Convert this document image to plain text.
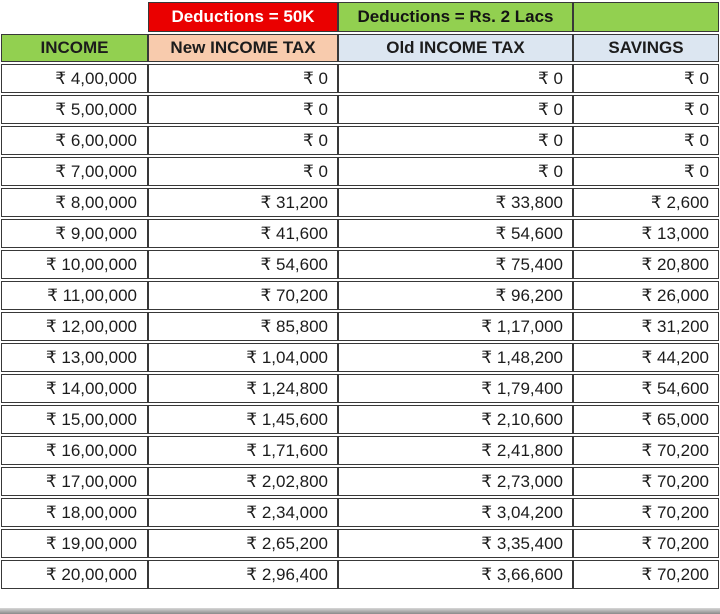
	Deductions = 50K	Deductions = Rs. 2 Lacs	
INCOME	New INCOME TAX	Old INCOME TAX	SAVINGS
₹ 4,00,000	₹ 0	₹ 0	₹ 0
₹ 5,00,000	₹ 0	₹ 0	₹ 0
₹ 6,00,000	₹ 0	₹ 0	₹ 0
₹ 7,00,000	₹ 0	₹ 0	₹ 0
₹ 8,00,000	₹ 31,200	₹ 33,800	₹ 2,600
₹ 9,00,000	₹ 41,600	₹ 54,600	₹ 13,000
₹ 10,00,000	₹ 54,600	₹ 75,400	₹ 20,800
₹ 11,00,000	₹ 70,200	₹ 96,200	₹ 26,000
₹ 12,00,000	₹ 85,800	₹ 1,17,000	₹ 31,200
₹ 13,00,000	₹ 1,04,000	₹ 1,48,200	₹ 44,200
₹ 14,00,000	₹ 1,24,800	₹ 1,79,400	₹ 54,600
₹ 15,00,000	₹ 1,45,600	₹ 2,10,600	₹ 65,000
₹ 16,00,000	₹ 1,71,600	₹ 2,41,800	₹ 70,200
₹ 17,00,000	₹ 2,02,800	₹ 2,73,000	₹ 70,200
₹ 18,00,000	₹ 2,34,000	₹ 3,04,200	₹ 70,200
₹ 19,00,000	₹ 2,65,200	₹ 3,35,400	₹ 70,200
₹ 20,00,000	₹ 2,96,400	₹ 3,66,600	₹ 70,200
